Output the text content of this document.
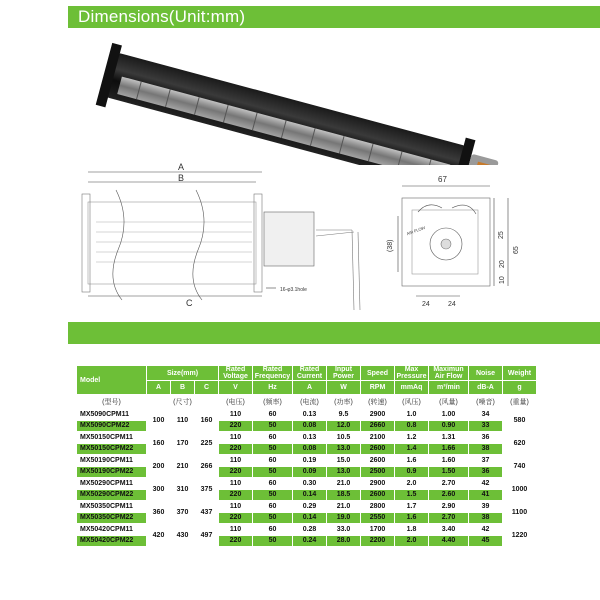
Dimensions(Unit:mm)
A
B
C
16-φ3.1hole
67
25
65
20
10
(38)
24	24
AIR FLOW
Model	Size(mm)			Rated Voltage	Rated Frequency	Rated Current	Input Power	Speed	Max Pressure	Maximun Air Flow	Noise	Weight
	A	B	C	V	Hz	A	W	RPM	mmAq	m³/min	dB-A	g
(型号)	(尺寸)			(电压)	(频率)	(电流)	(功率)	(转速)	(风压)	(风量)	(噪音)	(重量)
MX5090CPM11	100	110	160	110	60	0.13	9.5	2900	1.0	1.00	34	580
MX5090CPM22				220	50	0.08	12.0	2660	0.8	0.90	33	
MX50150CPM11	160	170	225	110	60	0.13	10.5	2100	1.2	1.31	36	620
MX50150CPM22				220	50	0.08	13.0	2600	1.4	1.66	38	
MX50190CPM11	200	210	266	110	60	0.19	15.0	2600	1.6	1.60	37	740
MX50190CPM22				220	50	0.09	13.0	2500	0.9	1.50	36	
MX50290CPM11	300	310	375	110	60	0.30	21.0	2900	2.0	2.70	42	1000
MX50290CPM22				220	50	0.14	18.5	2600	1.5	2.60	41	
MX50350CPM11	360	370	437	110	60	0.29	21.0	2800	1.7	2.90	39	1100
MX50350CPM22				220	50	0.14	19.0	2550	1.6	2.70	38	
MX50420CPM11	420	430	497	110	60	0.28	33.0	1700	1.8	3.40	42	1220
MX50420CPM22				220	50	0.24	28.0	2200	2.0	4.40	45	
